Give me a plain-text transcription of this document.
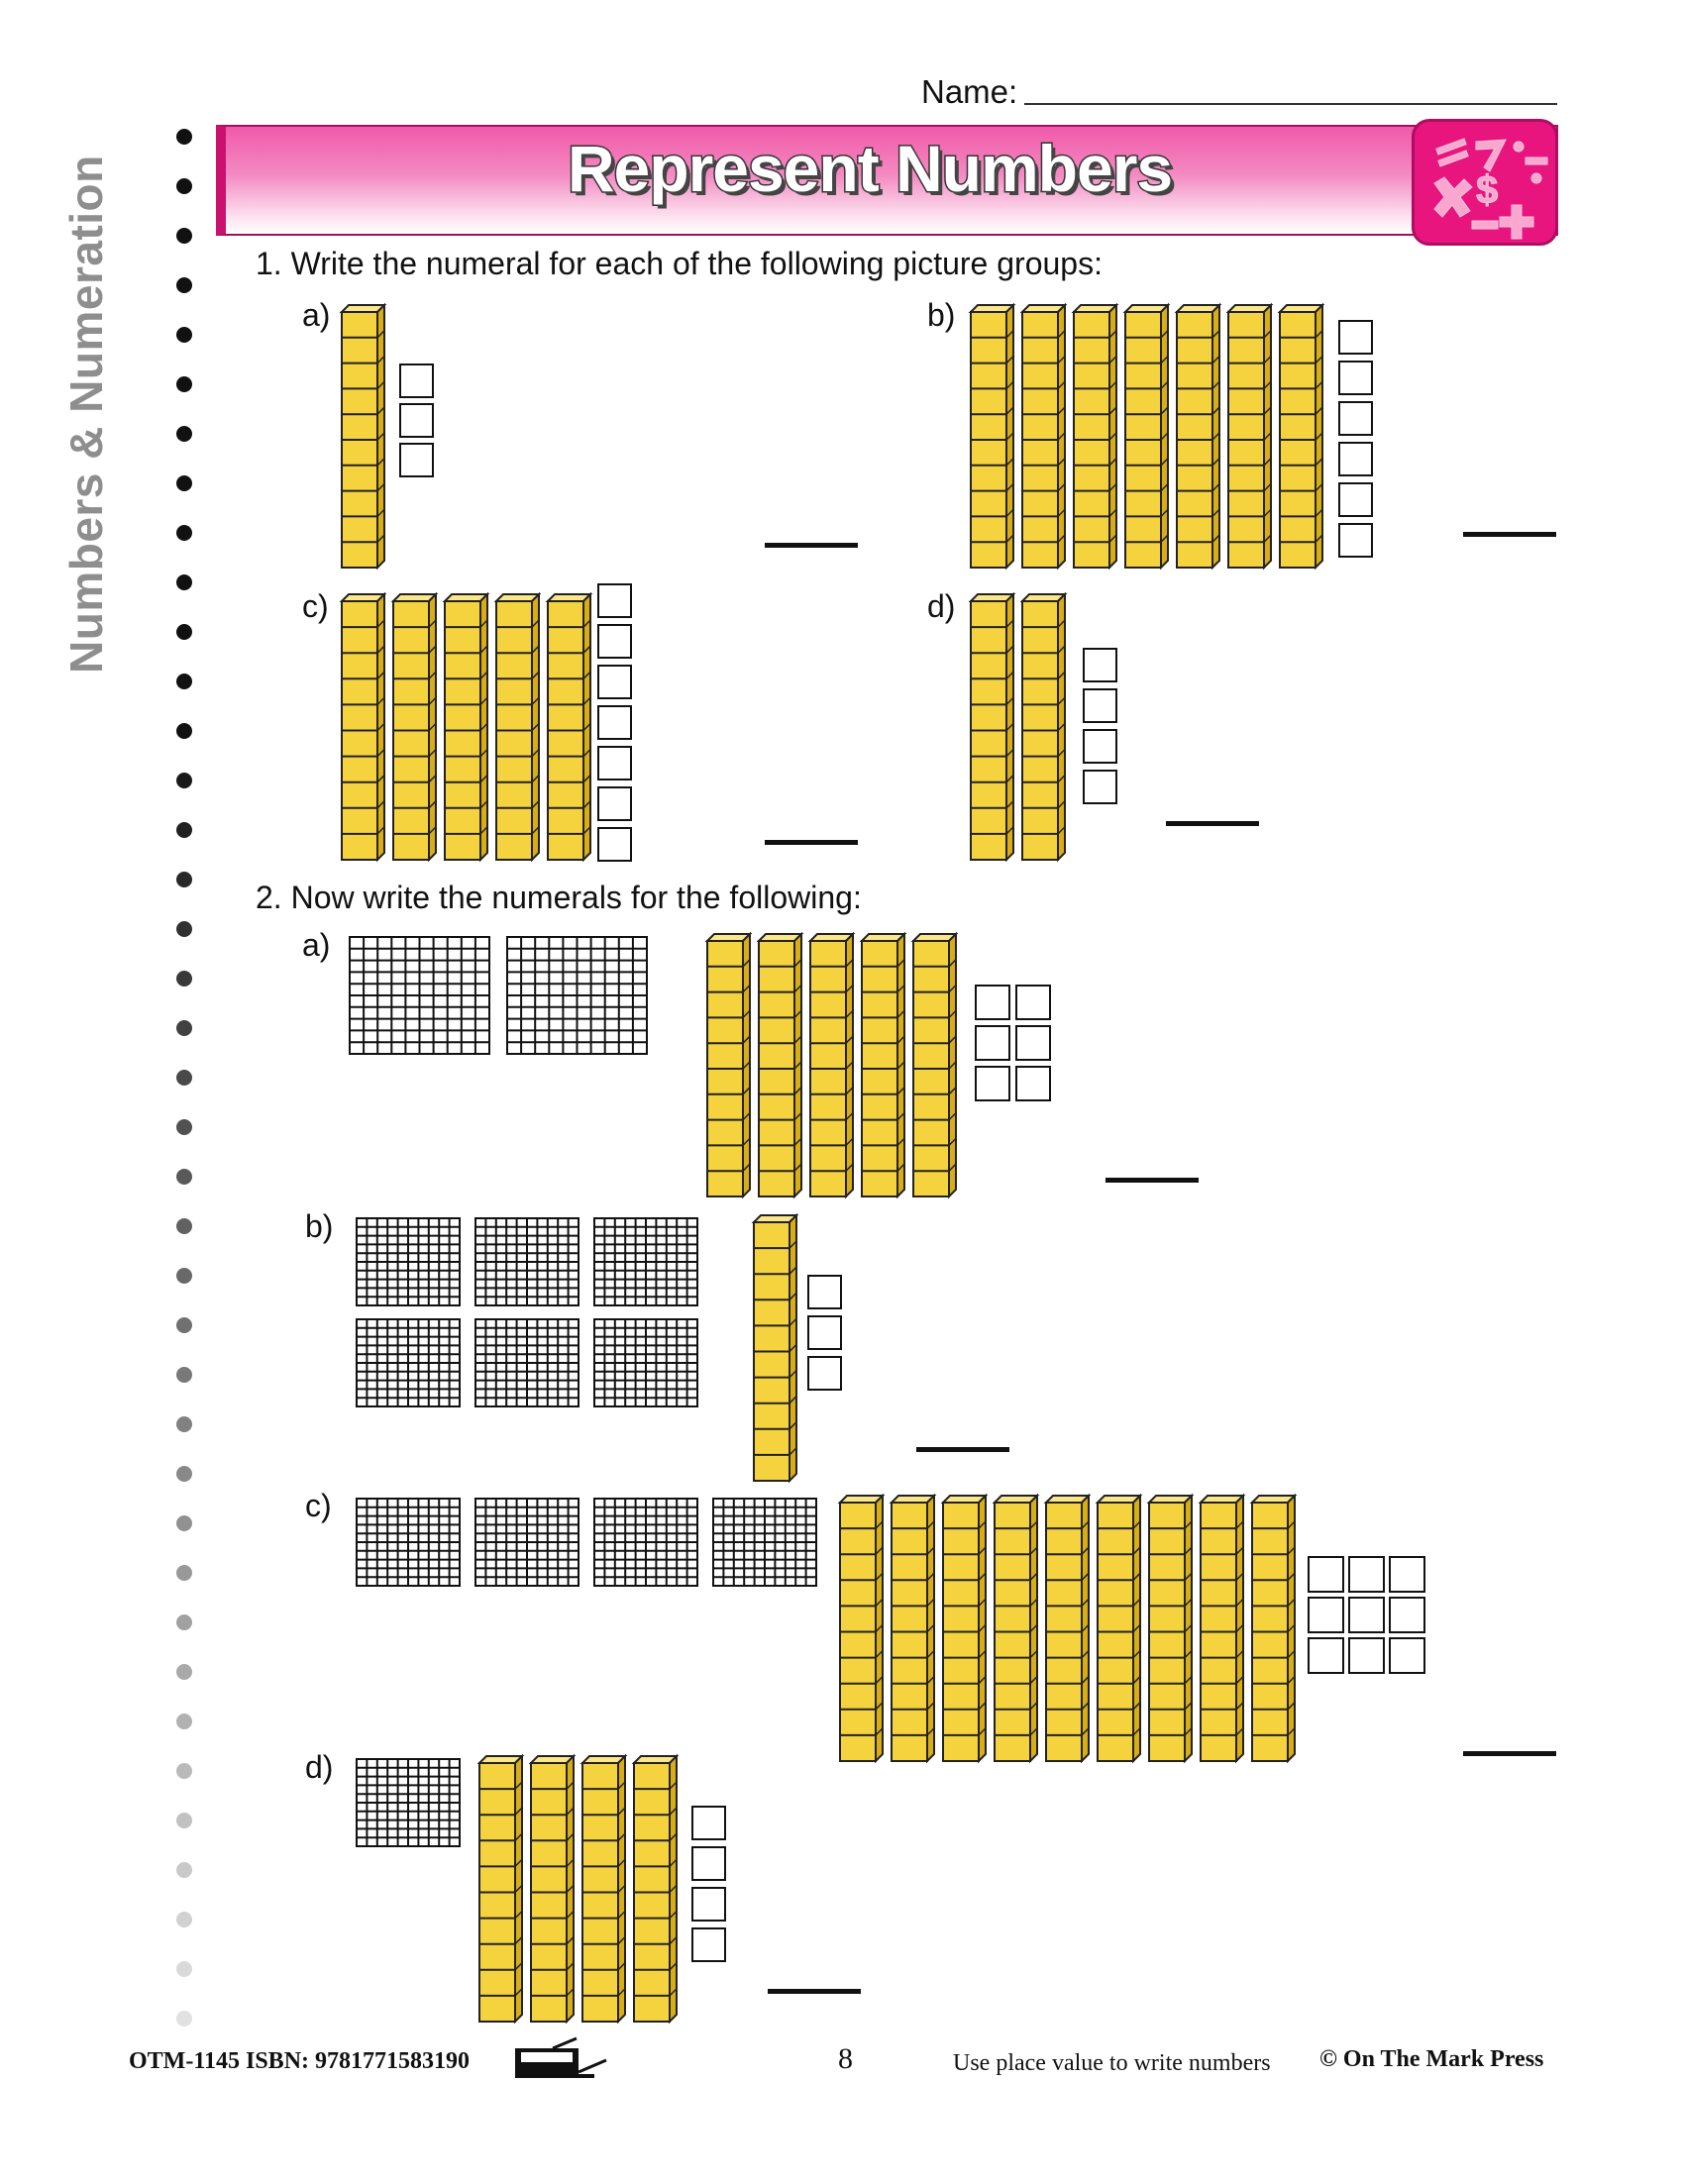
Numbers & Numeration
Name:
Represent Numbers	$
1. Write the numeral for each of the following picture groups:
a)	b)
c)	d)
2. Now write the numerals for the following:
a)
b)
c)
d)
OTM-1145 ISBN: 9781771583190	8	Use place value to write numbers © On The Mark Press
